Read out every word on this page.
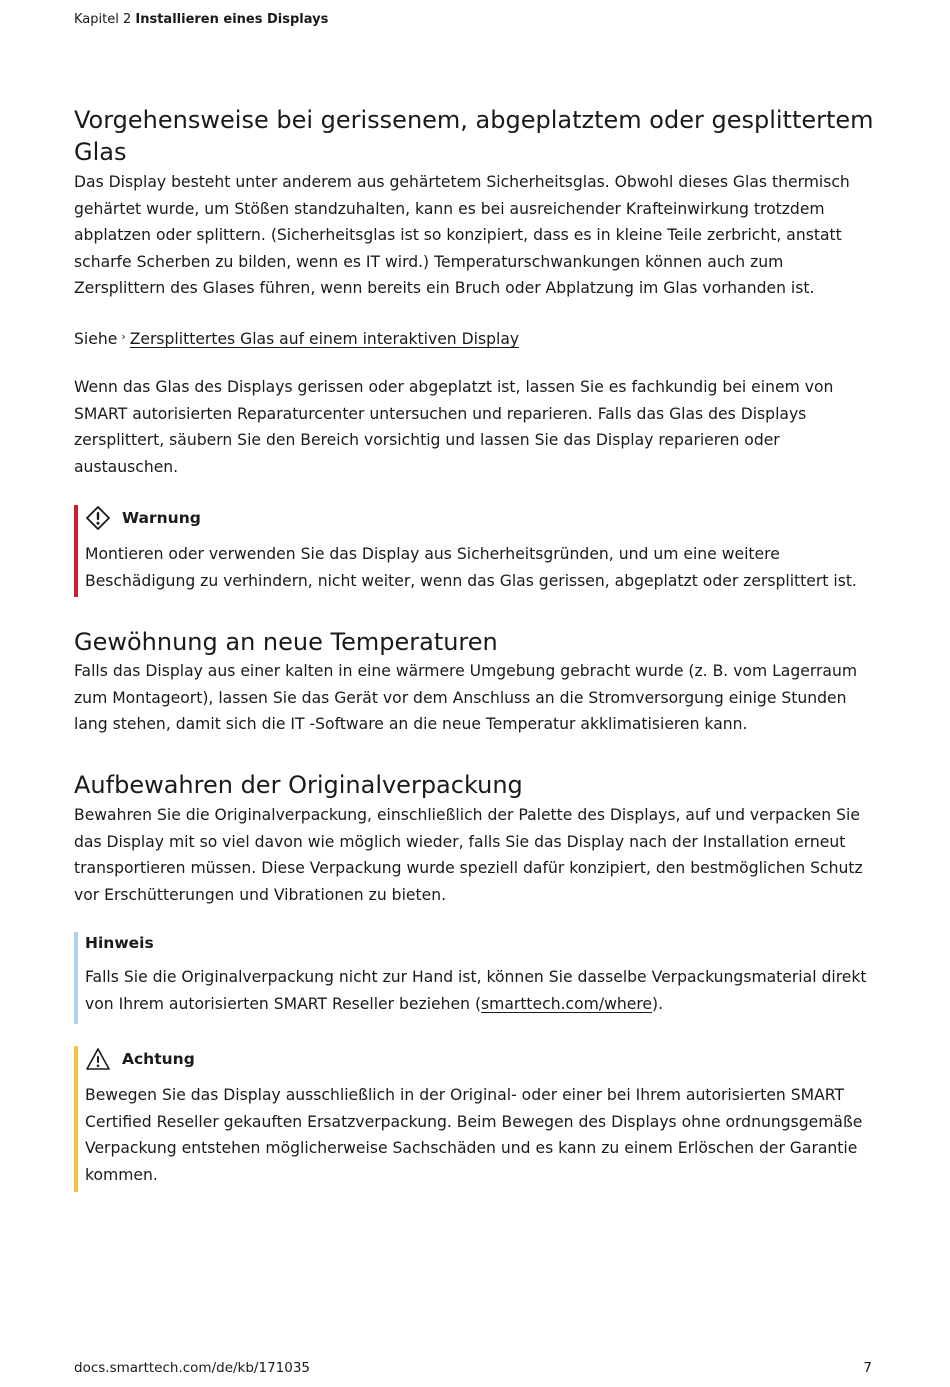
Kapitel 2 Installieren eines Displays
Vorgehensweise bei gerissenem, abgeplatztem oder gesplittertem Glas

Das Display besteht unter anderem aus gehärtetem Sicherheitsglas. Obwohl dieses Glas thermisch gehärtet wurde, um Stößen standzuhalten, kann es bei ausreichender Krafteinwirkung trotzdem abplatzen oder splittern. (Sicherheitsglas ist so konzipiert, dass es in kleine Teile zerbricht, anstatt scharfe Scherben zu bilden, wenn es IT wird.) Temperaturschwankungen können auch zum Zersplittern des Glases führen, wenn bereits ein Bruch oder Abplatzung im Glas vorhanden ist.

Siehe › Zersplittertes Glas auf einem interaktiven Display

Wenn das Glas des Displays gerissen oder abgeplatzt ist, lassen Sie es fachkundig bei einem von SMART autorisierten Reparaturcenter untersuchen und reparieren. Falls das Glas des Displays zersplittert, säubern Sie den Bereich vorsichtig und lassen Sie das Display reparieren oder austauschen.

Warnung

Montieren oder verwenden Sie das Display aus Sicherheitsgründen, und um eine weitere Beschädigung zu verhindern, nicht weiter, wenn das Glas gerissen, abgeplatzt oder zersplittert ist.

Gewöhnung an neue Temperaturen

Falls das Display aus einer kalten in eine wärmere Umgebung gebracht wurde (z. B. vom Lagerraum zum Montageort), lassen Sie das Gerät vor dem Anschluss an die Stromversorgung einige Stunden lang stehen, damit sich die IT -Software an die neue Temperatur akklimatisieren kann.

Aufbewahren der Originalverpackung

Bewahren Sie die Originalverpackung, einschließlich der Palette des Displays, auf und verpacken Sie das Display mit so viel davon wie möglich wieder, falls Sie das Display nach der Installation erneut transportieren müssen. Diese Verpackung wurde speziell dafür konzipiert, den bestmöglichen Schutz vor Erschütterungen und Vibrationen zu bieten.

Hinweis

Falls Sie die Originalverpackung nicht zur Hand ist, können Sie dasselbe Verpackungsmaterial direkt von Ihrem autorisierten SMART Reseller beziehen (smarttech.com/where).

Achtung

Bewegen Sie das Display ausschließlich in der Original- oder einer bei Ihrem autorisierten SMART Certified Reseller gekauften Ersatzverpackung. Beim Bewegen des Displays ohne ordnungsgemäße Verpackung entstehen möglicherweise Sachschäden und es kann zu einem Erlöschen der Garantie kommen.

docs.smarttech.com/de/kb/171035	7
